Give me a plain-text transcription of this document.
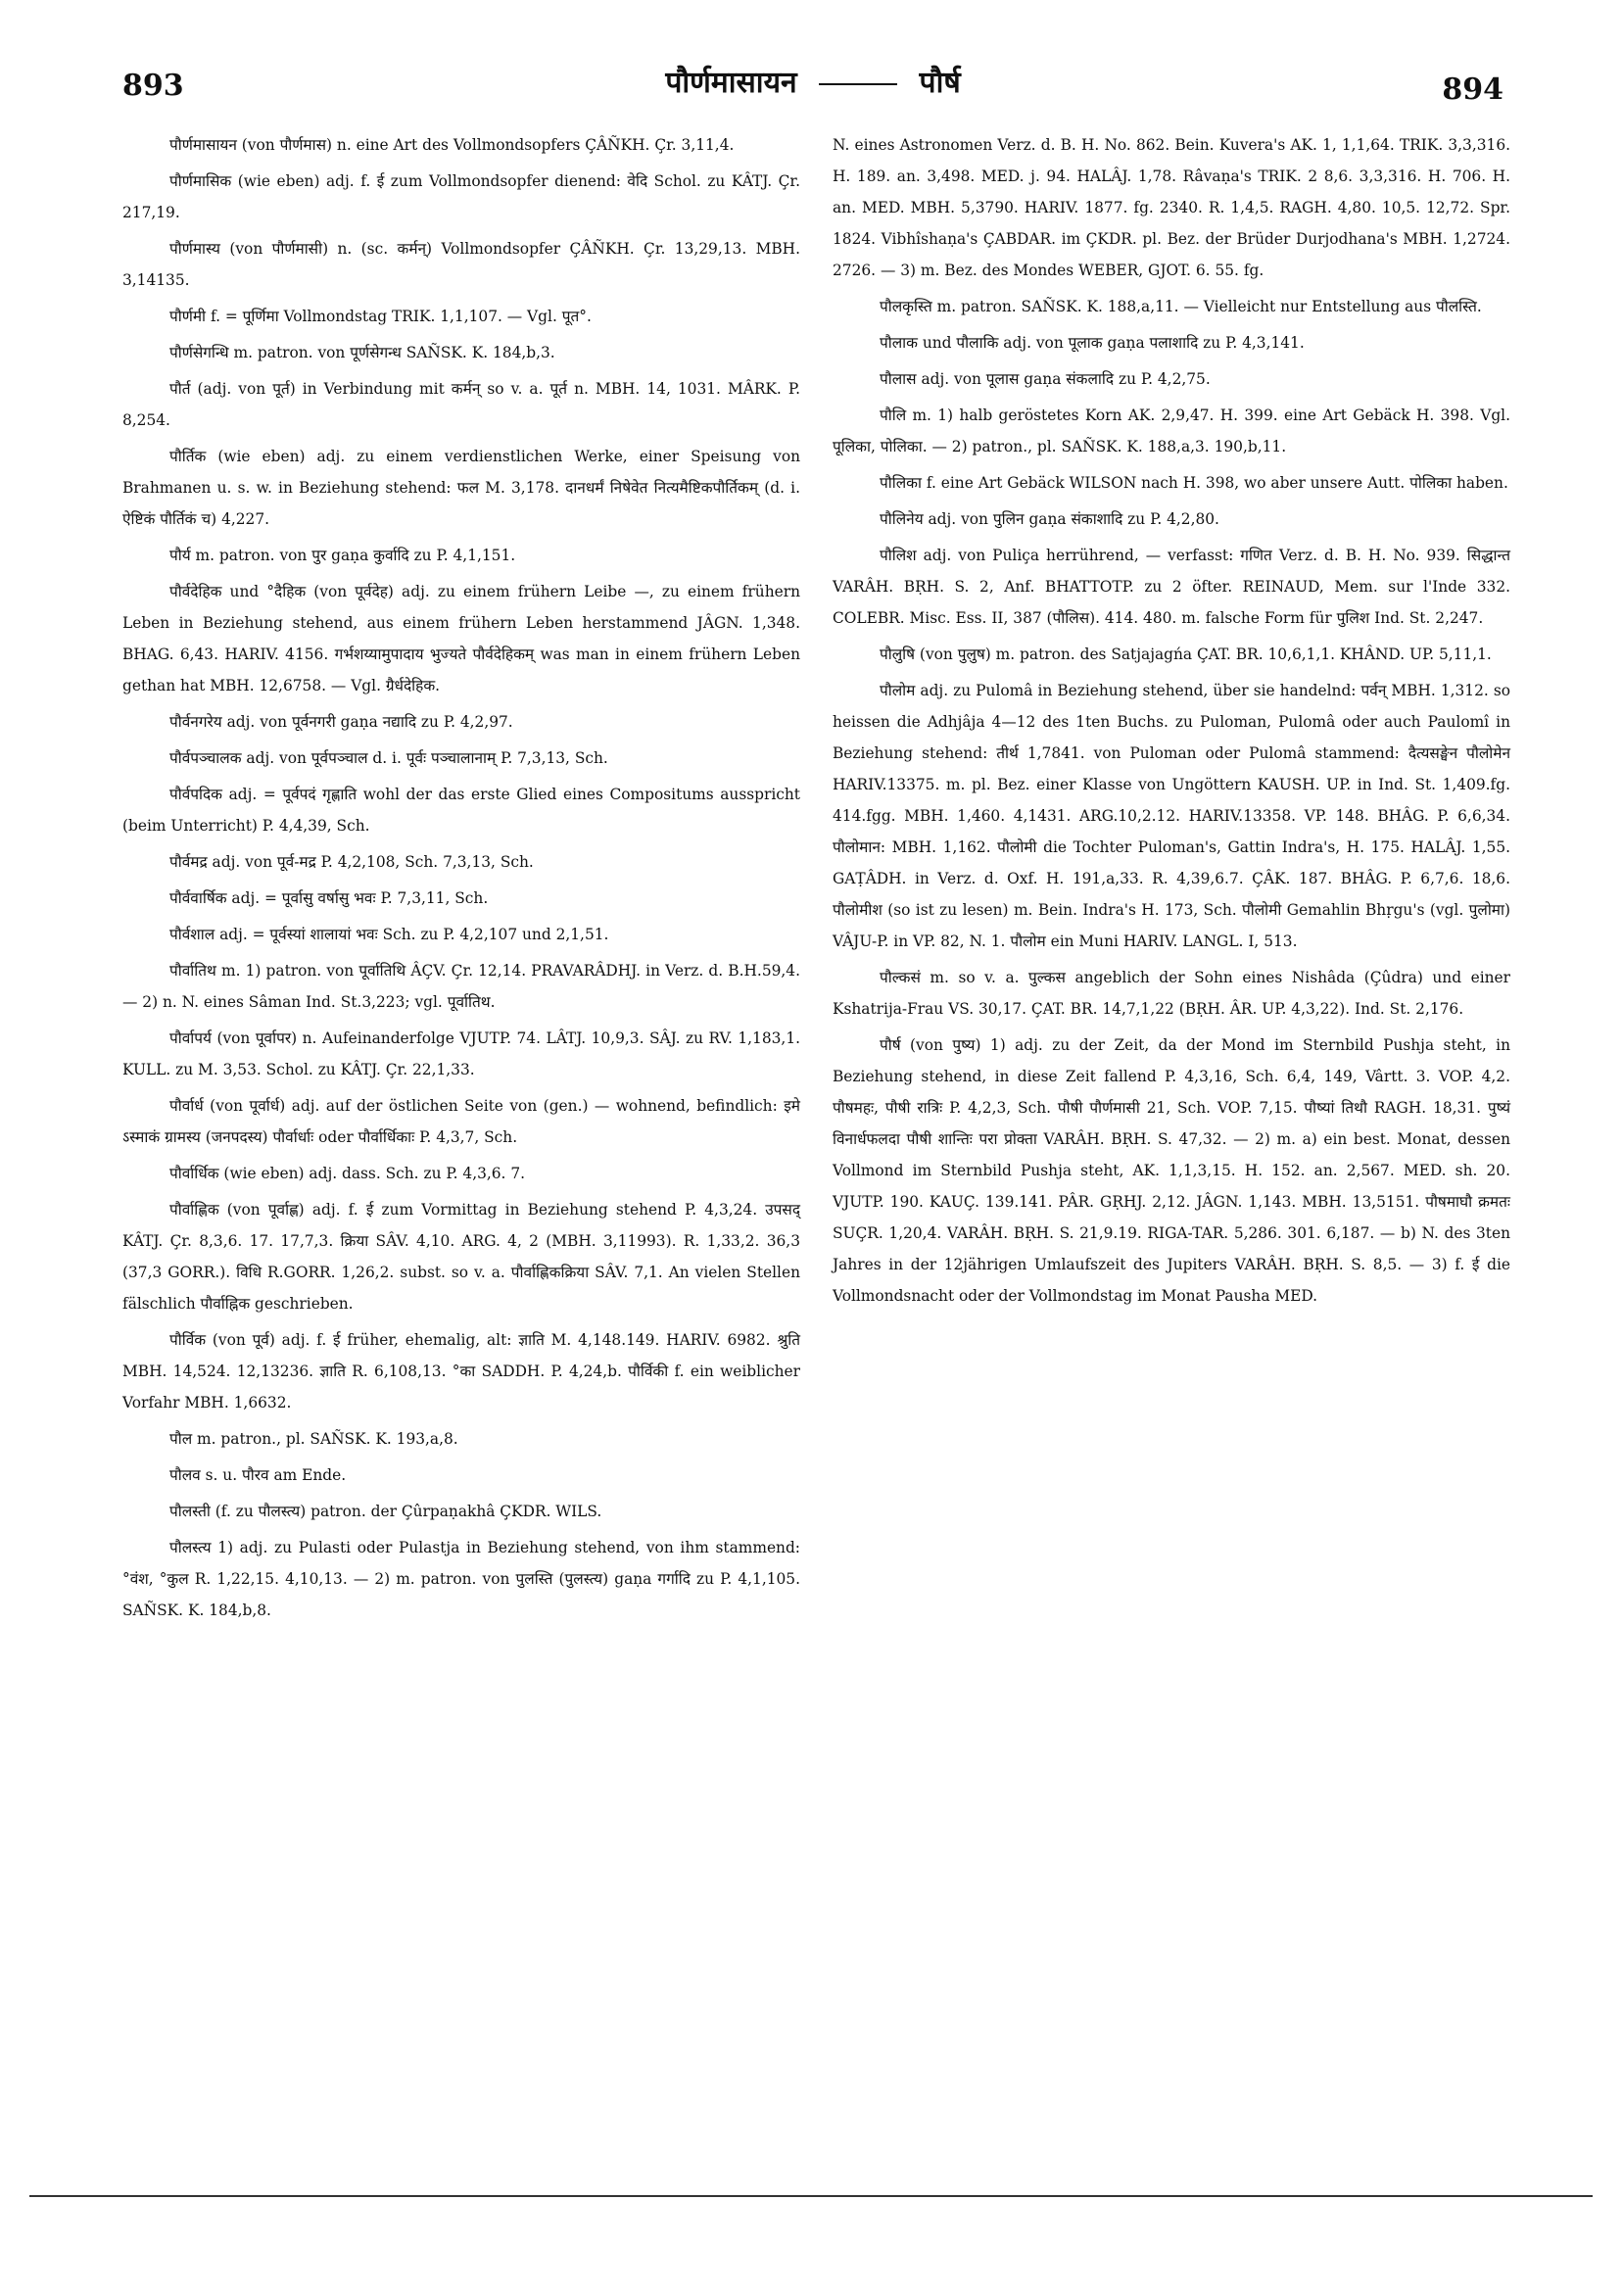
893	पौर्णमासायन	पौर्ष	894

पौर्णमासायन (von पौर्णमास) n. eine Art des Vollmondsopfers ÇÂÑKH. Çr. 3,11,4.

पौर्णमासिक (wie eben) adj. f. ई zum Vollmondsopfer dienend: वेदि Schol. zu KÂTJ. Çr. 217,19.

पौर्णमास्य (von पौर्णमासी) n. (sc. कर्मन्) Vollmondsopfer ÇÂÑKH. Çr. 13,29,13. MBH. 3,14135.

पौर्णमी f. = पूर्णिमा Vollmondstag TRIK. 1,1,107. — Vgl. पूत°.

पौर्णसेगन्धि m. patron. von पूर्णसेगन्ध SAÑSK. K. 184,b,3.

पौर्त (adj. von पूर्त) in Verbindung mit कर्मन् so v. a. पूर्त n. MBH. 14, 1031. MÂRK. P. 8,254.

पौर्तिक (wie eben) adj. zu einem verdienstlichen Werke, einer Speisung von Brahmanen u. s. w. in Beziehung stehend: फल M. 3,178. दानधर्मं निषेवेत नित्यमैष्टिकपौर्तिकम् (d. i. ऐष्टिकं पौर्तिकं च) 4,227.

पौर्य m. patron. von पुर gaṇa कुर्वादि zu P. 4,1,151.

पौर्वदेहिक und °दैहिक (von पूर्वदेह) adj. zu einem frühern Leibe —, zu einem frühern Leben in Beziehung stehend, aus einem frühern Leben herstammend JÂGN. 1,348. BHAG. 6,43. HARIV. 4156. गर्भशय्यामुपादाय भुज्यते पौर्वदेहिकम् was man in einem frühern Leben gethan hat MBH. 12,6758. — Vgl. ग्रैर्धदेहिक.

पौर्वनगरेय adj. von पूर्वनगरी gaṇa नद्यादि zu P. 4,2,97.

पौर्वपञ्चालक adj. von पूर्वपञ्चाल d. i. पूर्वः पञ्चालानाम् P. 7,3,13, Sch.

पौर्वपदिक adj. = पूर्वपदं गृह्णाति wohl der das erste Glied eines Compositums ausspricht (beim Unterricht) P. 4,4,39, Sch.

पौर्वमद्र adj. von पूर्व-मद्र P. 4,2,108, Sch. 7,3,13, Sch.

पौर्ववार्षिक adj. = पूर्वासु वर्षासु भवः P. 7,3,11, Sch.

पौर्वशाल adj. = पूर्वस्यां शालायां भवः Sch. zu P. 4,2,107 und 2,1,51.

पौर्वातिथ m. 1) patron. von पूर्वातिथि ÂÇV. Çr. 12,14. PRAVARÂDHJ. in Verz. d. B.H.59,4. — 2) n. N. eines Sâman Ind. St.3,223; vgl. पूर्वातिथ.

पौर्वापर्य (von पूर्वापर) n. Aufeinanderfolge VJUTP. 74. LÂTJ. 10,9,3. SÂJ. zu RV. 1,183,1. KULL. zu M. 3,53. Schol. zu KÂTJ. Çr. 22,1,33.

पौर्वार्ध (von पूर्वार्ध) adj. auf der östlichen Seite von (gen.) — wohnend, befindlich: इमे ऽस्माकं ग्रामस्य (जनपदस्य) पौर्वार्धाः oder पौर्वार्धिकाः P. 4,3,7, Sch.

पौर्वार्धिक (wie eben) adj. dass. Sch. zu P. 4,3,6. 7.

पौर्वाह्णिक (von पूर्वाह्ण) adj. f. ई zum Vormittag in Beziehung stehend P. 4,3,24. उपसद् KÂTJ. Çr. 8,3,6. 17. 17,7,3. क्रिया SÂV. 4,10. ARG. 4, 2 (MBH. 3,11993). R. 1,33,2. 36,3 (37,3 GORR.). विधि R.GORR. 1,26,2. subst. so v. a. पौर्वाह्णिकक्रिया SÂV. 7,1. An vielen Stellen fälschlich पौर्वाह्निक geschrieben.

पौर्विक (von पूर्व) adj. f. ई früher, ehemalig, alt: ज्ञाति M. 4,148.149. HARIV. 6982. श्रुति MBH. 14,524. 12,13236. ज्ञाति R. 6,108,13. °का SADDH. P. 4,24,b. पौर्विकी f. ein weiblicher Vorfahr MBH. 1,6632.

पौल m. patron., pl. SAÑSK. K. 193,a,8.

पौलव s. u. पौरव am Ende.

पौलस्ती (f. zu पौलस्त्य) patron. der Çûrpaṇakhâ ÇKDR. WILS.

पौलस्त्य 1) adj. zu Pulasti oder Pulastja in Beziehung stehend, von ihm stammend: °वंश, °कुल R. 1,22,15. 4,10,13. — 2) m. patron. von पुलस्ति (पुलस्त्य) gaṇa गर्गादि zu P. 4,1,105. SAÑSK. K. 184,b,8.

N. eines Astronomen Verz. d. B. H. No. 862. Bein. Kuvera's AK. 1, 1,1,64. TRIK. 3,3,316. H. 189. an. 3,498. MED. j. 94. HALÂJ. 1,78. Râvaṇa's TRIK. 2 8,6. 3,3,316. H. 706. H. an. MED. MBH. 5,3790. HARIV. 1877. fg. 2340. R. 1,4,5. RAGH. 4,80. 10,5. 12,72. Spr. 1824. Vibhîshaṇa's ÇABDAR. im ÇKDR. pl. Bez. der Brüder Durjodhana's MBH. 1,2724. 2726. — 3) m. Bez. des Mondes WEBER, GJOT. 6. 55. fg.

पौलकृस्ति m. patron. SAÑSK. K. 188,a,11. — Vielleicht nur Entstellung aus पौलस्ति.

पौलाक und पौलाकि adj. von पूलाक gaṇa पलाशादि zu P. 4,3,141.

पौलास adj. von पूलास gaṇa संकलादि zu P. 4,2,75.

पौलि m. 1) halb geröstetes Korn AK. 2,9,47. H. 399. eine Art Gebäck H. 398. Vgl. पूलिका, पोलिका. — 2) patron., pl. SAÑSK. K. 188,a,3. 190,b,11.

पौलिका f. eine Art Gebäck WILSON nach H. 398, wo aber unsere Autt. पोलिका haben.

पौलिनेय adj. von पुलिन gaṇa संकाशादि zu P. 4,2,80.

पौलिश adj. von Puliça herrührend, — verfasst: गणित Verz. d. B. H. No. 939. सिद्धान्त VARÂH. BṚH. S. 2, Anf. BHATTOTP. zu 2 öfter. REINAUD, Mem. sur l'Inde 332. COLEBR. Misc. Ess. II, 387 (पौलिस). 414. 480. m. falsche Form für पुलिश Ind. St. 2,247.

पौलुषि (von पुलुष) m. patron. des Satjajagńa ÇAT. BR. 10,6,1,1. KHÂND. UP. 5,11,1.

पौलोम adj. zu Pulomâ in Beziehung stehend, über sie handelnd: पर्वन् MBH. 1,312. so heissen die Adhjâja 4—12 des 1ten Buchs. zu Puloman, Pulomâ oder auch Paulomî in Beziehung stehend: तीर्थ 1,7841. von Puloman oder Pulomâ stammend: दैत्यसङ्घेन पौलोमेन HARIV.13375. m. pl. Bez. einer Klasse von Ungöttern KAUSH. UP. in Ind. St. 1,409.fg. 414.fgg. MBH. 1,460. 4,1431. ARG.10,2.12. HARIV.13358. VP. 148. BHÂG. P. 6,6,34. पौलोमान: MBH. 1,162. पौलोमी die Tochter Puloman's, Gattin Indra's, H. 175. HALÂJ. 1,55. GAṬÂDH. in Verz. d. Oxf. H. 191,a,33. R. 4,39,6.7. ÇÂK. 187. BHÂG. P. 6,7,6. 18,6. पौलोमीश (so ist zu lesen) m. Bein. Indra's H. 173, Sch. पौलोमी Gemahlin Bhṛgu's (vgl. पुलोमा) VÂJU-P. in VP. 82, N. 1. पौलोम ein Muni HARIV. LANGL. I, 513.

पौल्कसं m. so v. a. पुल्कस angeblich der Sohn eines Nishâda (Çûdra) und einer Kshatrija-Frau VS. 30,17. ÇAT. BR. 14,7,1,22 (BṚH. ÂR. UP. 4,3,22). Ind. St. 2,176.

पौर्ष (von पुष्य) 1) adj. zu der Zeit, da der Mond im Sternbild Pushja steht, in Beziehung stehend, in diese Zeit fallend P. 4,3,16, Sch. 6,4, 149, Vârtt. 3. VOP. 4,2. पौषमहः, पौषी रात्रिः P. 4,2,3, Sch. पौषी पौर्णमासी 21, Sch. VOP. 7,15. पौष्यां तिथौ RAGH. 18,31. पुष्यं विनार्धफलदा पौषी शान्तिः परा प्रोक्ता VARÂH. BṚH. S. 47,32. — 2) m. a) ein best. Monat, dessen Vollmond im Sternbild Pushja steht, AK. 1,1,3,15. H. 152. an. 2,567. MED. sh. 20. VJUTP. 190. KAUÇ. 139.141. PÂR. GṚHJ. 2,12. JÂGN. 1,143. MBH. 13,5151. पौषमाघौ क्रमतः SUÇR. 1,20,4. VARÂH. BṚH. S. 21,9.19. RIGA-TAR. 5,286. 301. 6,187. — b) N. des 3ten Jahres in der 12jährigen Umlaufszeit des Jupiters VARÂH. BṚH. S. 8,5. — 3) f. ई die Vollmondsnacht oder der Vollmondstag im Monat Pausha MED.
